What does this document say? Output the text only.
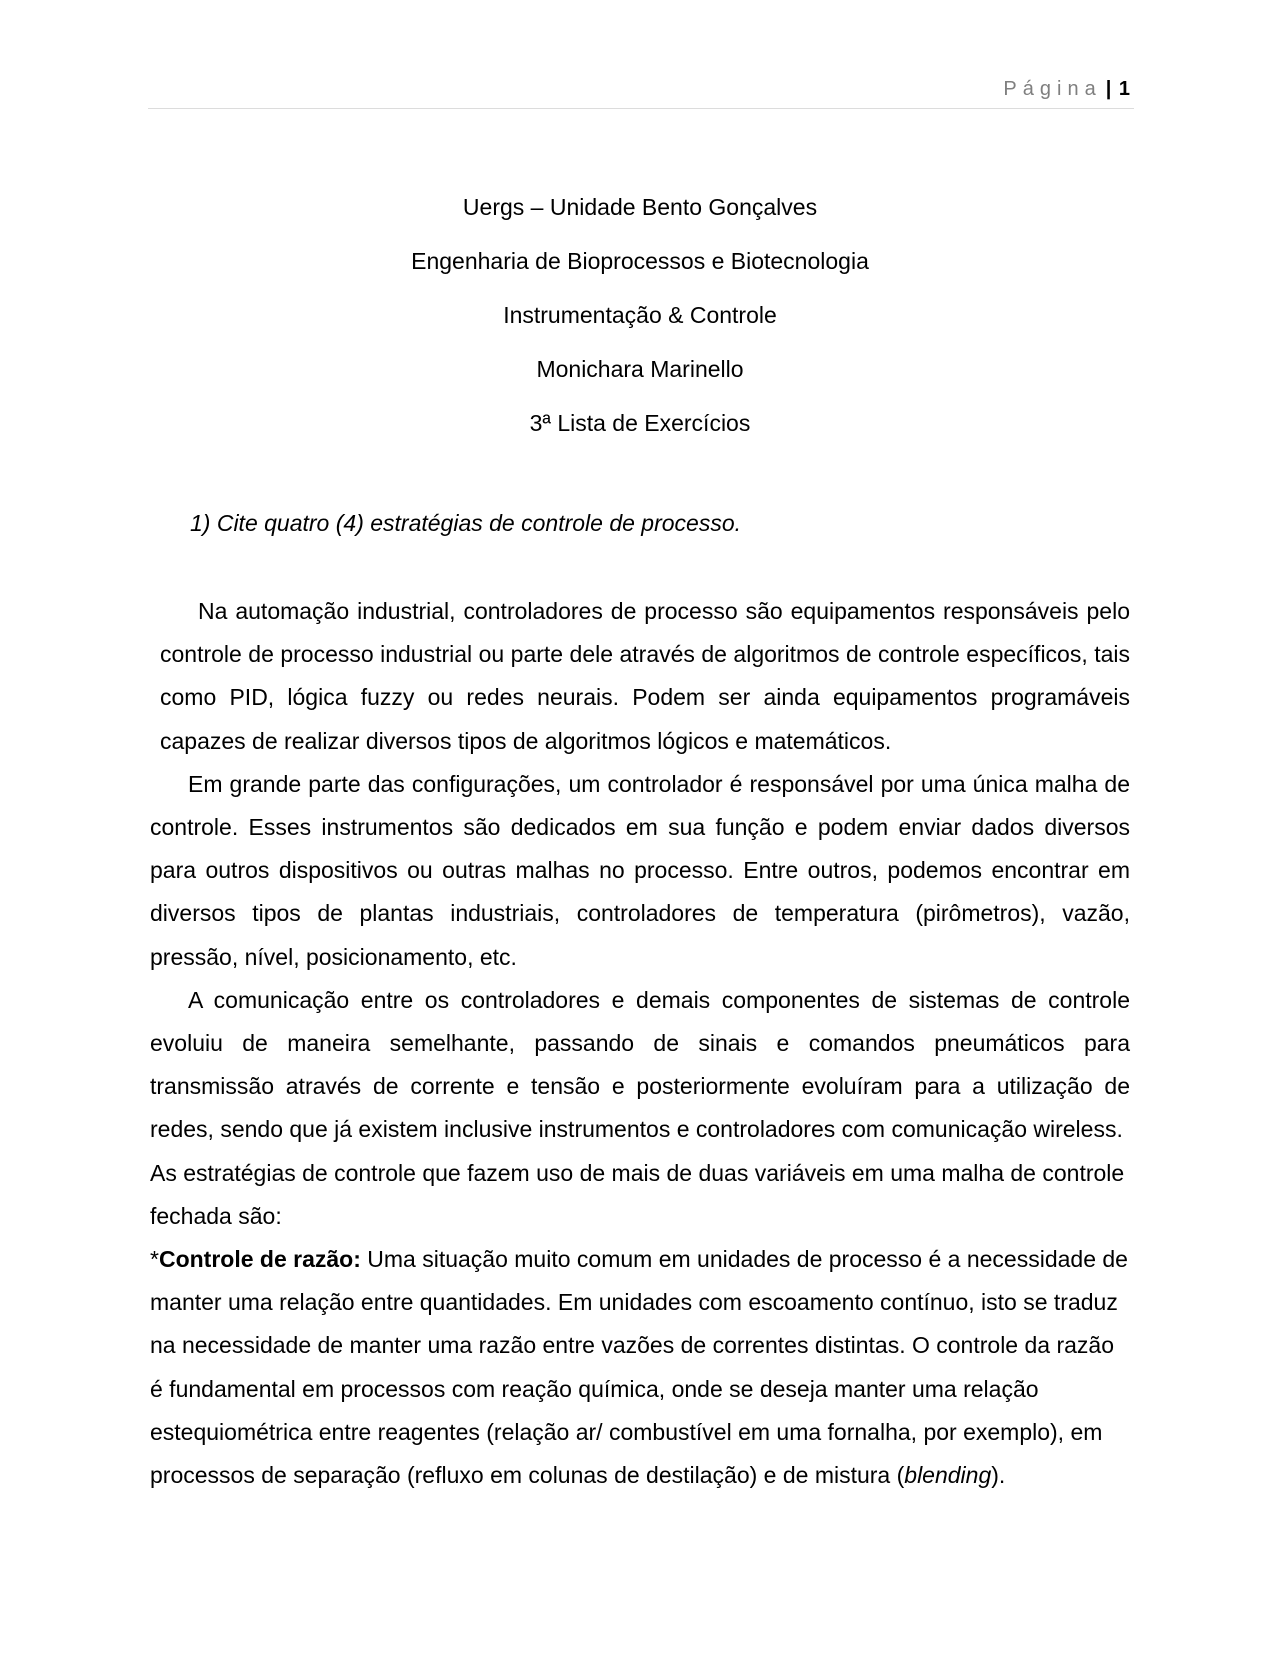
Página | 1
Uergs – Unidade Bento Gonçalves
Engenharia de Bioprocessos e Biotecnologia
Instrumentação & Controle
Monichara Marinello
3ª Lista de Exercícios
1) Cite quatro (4) estratégias de controle de processo.

Na automação industrial, controladores de processo são equipamentos responsáveis pelo controle de processo industrial ou parte dele através de algoritmos de controle específicos, tais como PID, lógica fuzzy ou redes neurais. Podem ser ainda equipamentos programáveis capazes de realizar diversos tipos de algoritmos lógicos e matemáticos.

Em grande parte das configurações, um controlador é responsável por uma única malha de controle. Esses instrumentos são dedicados em sua função e podem enviar dados diversos para outros dispositivos ou outras malhas no processo. Entre outros, podemos encontrar em diversos tipos de plantas industriais, controladores de temperatura (pirômetros), vazão, pressão, nível, posicionamento, etc.

A comunicação entre os controladores e demais componentes de sistemas de controle evoluiu de maneira semelhante, passando de sinais e comandos pneumáticos para transmissão através de corrente e tensão e posteriormente evoluíram para a utilização de redes, sendo que já existem inclusive instrumentos e controladores com comunicação wireless.

As estratégias de controle que fazem uso de mais de duas variáveis em uma malha de controle fechada são:

*Controle de razão: Uma situação muito comum em unidades de processo é a necessidade de manter uma relação entre quantidades. Em unidades com escoamento contínuo, isto se traduz na necessidade de manter uma razão entre vazões de correntes distintas. O controle da razão é fundamental em processos com reação química, onde se deseja manter uma relação estequiométrica entre reagentes (relação ar/ combustível em uma fornalha, por exemplo), em processos de separação (refluxo em colunas de destilação) e de mistura (blending).
